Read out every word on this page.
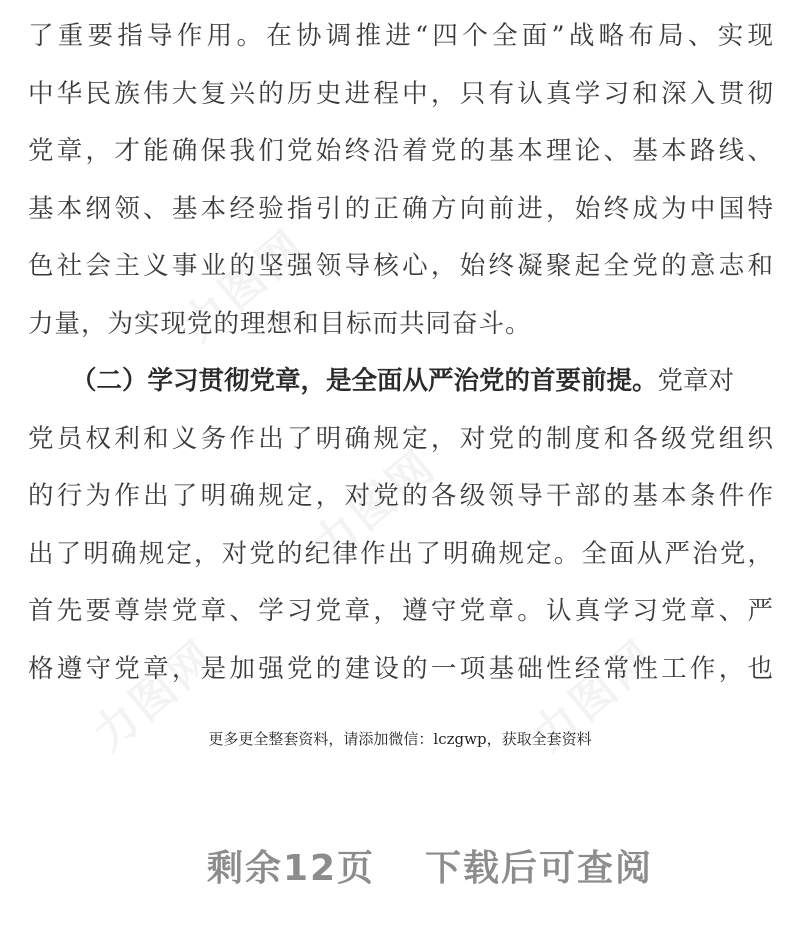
力图网
力图网
力图网	力图网
了重要指导作用。在协调推进“四个全面”战略布局、实现
中华民族伟大复兴的历史进程中，只有认真学习和深入贯彻
党章，才能确保我们党始终沿着党的基本理论、基本路线、
基本纲领、基本经验指引的正确方向前进，始终成为中国特
色社会主义事业的坚强领导核心，始终凝聚起全党的意志和
力量，为实现党的理想和目标而共同奋斗。
（二）学习贯彻党章，是全面从严治党的首要前提。党章对
党员权利和义务作出了明确规定，对党的制度和各级党组织
的行为作出了明确规定，对党的各级领导干部的基本条件作
出了明确规定，对党的纪律作出了明确规定。全面从严治党，
首先要尊崇党章、学习党章，遵守党章。认真学习党章、严
格遵守党章，是加强党的建设的一项基础性经常性工作，也
更多更全整套资料，请添加微信：lczgwp，获取全套资料
剩余12页 下载后可查阅
